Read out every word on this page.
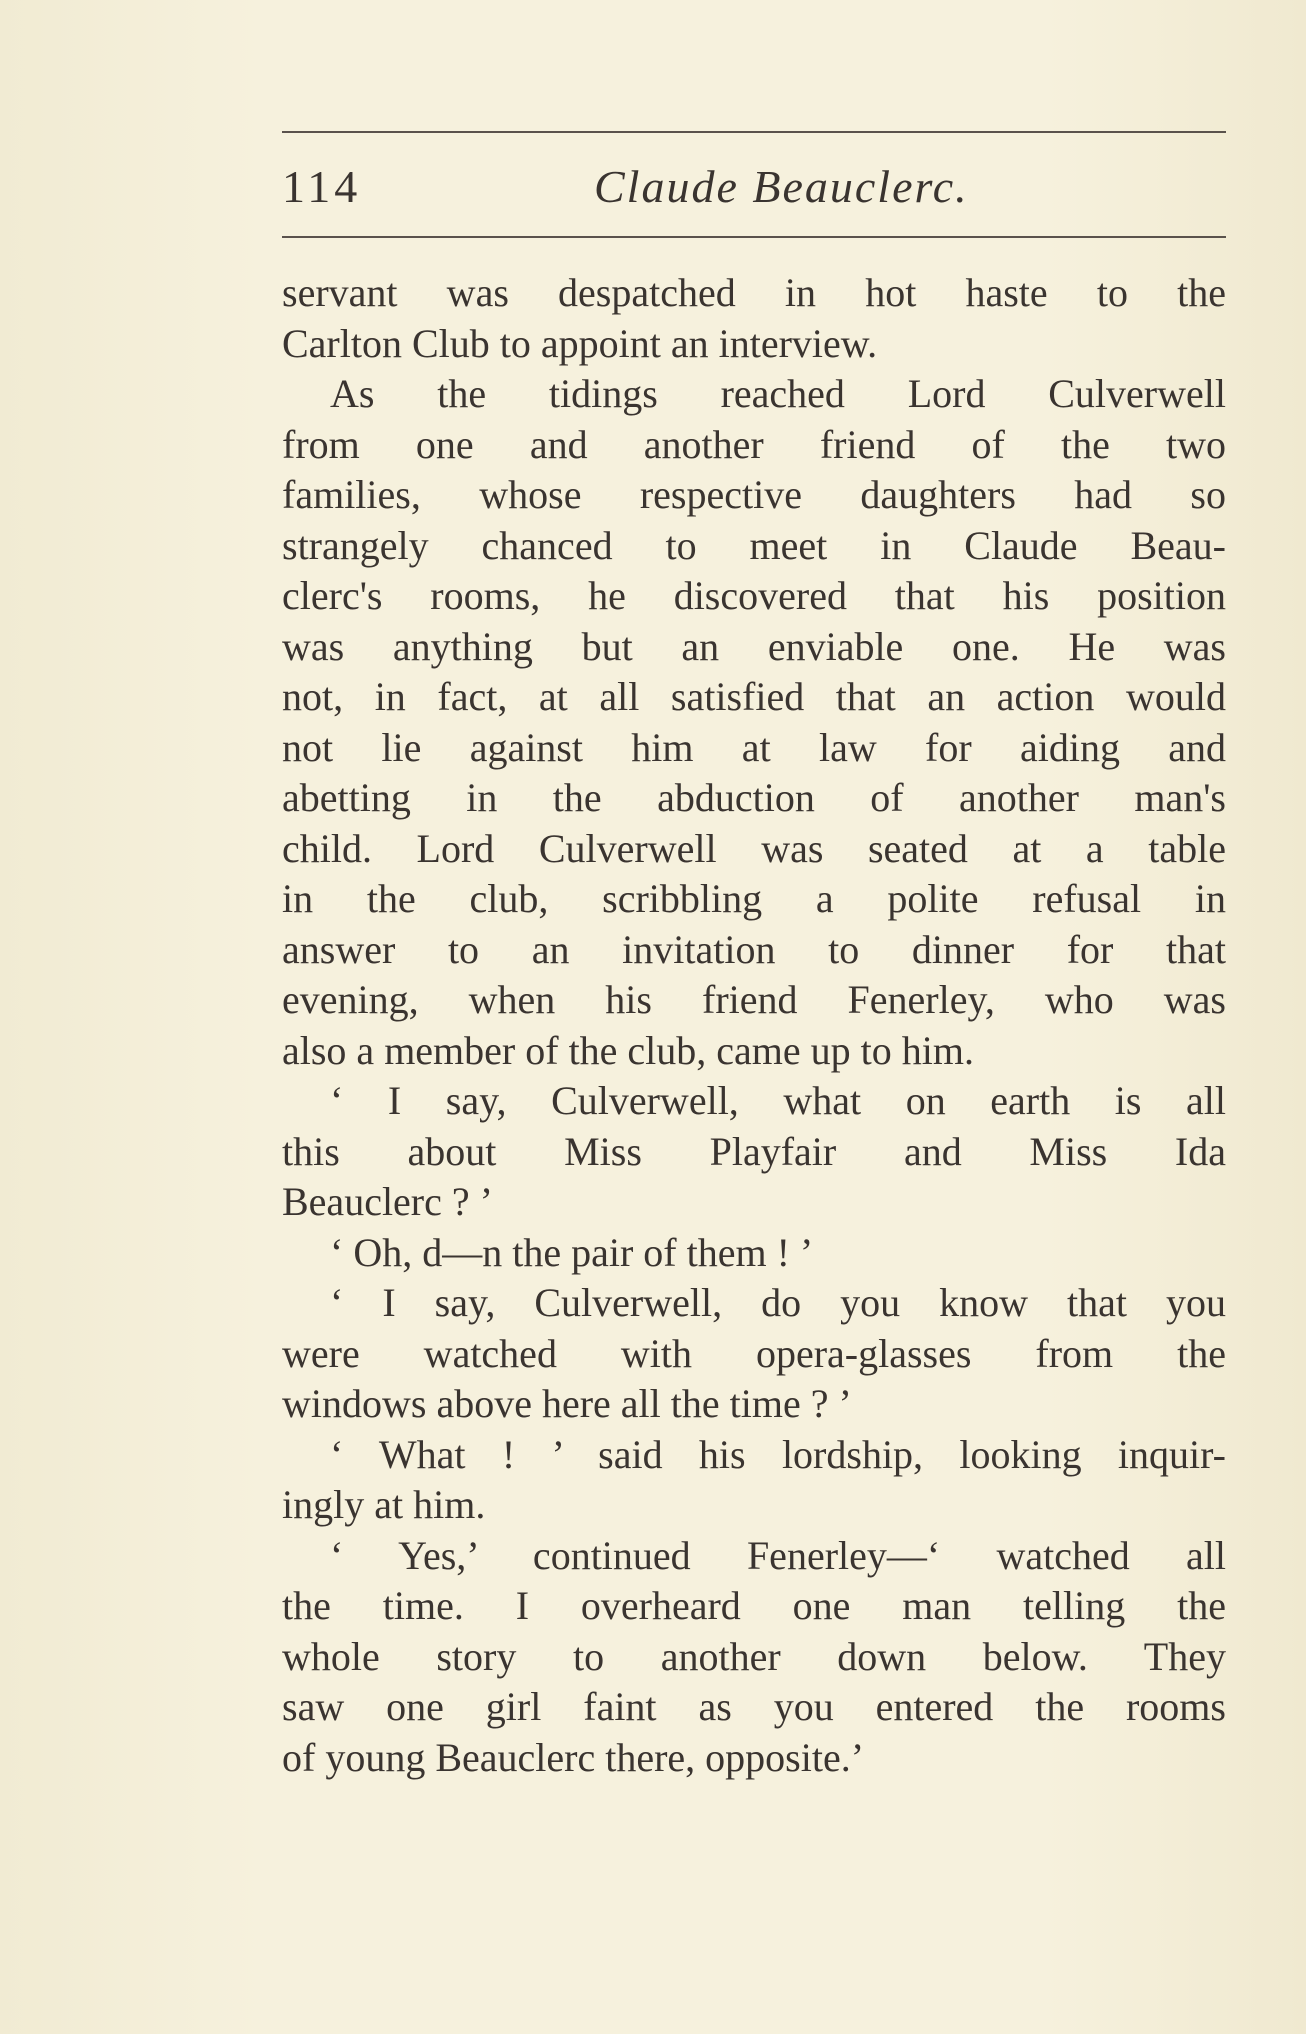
114	Claude Beauclerc.
servant was despatched in hot haste to the
Carlton Club to appoint an interview.
As the tidings reached Lord Culverwell
from one and another friend of the two
families, whose respective daughters had so
strangely chanced to meet in Claude Beau-
clerc's rooms, he discovered that his position
was anything but an enviable one. He was
not, in fact, at all satisfied that an action would
not lie against him at law for aiding and
abetting in the abduction of another man's
child. Lord Culverwell was seated at a table
in the club, scribbling a polite refusal in
answer to an invitation to dinner for that
evening, when his friend Fenerley, who was
also a member of the club, came up to him.
‘ I say, Culverwell, what on earth is all
this about Miss Playfair and Miss Ida
Beauclerc ? ’
‘ Oh, d—n the pair of them ! ’
‘ I say, Culverwell, do you know that you
were watched with opera-glasses from the
windows above here all the time ? ’
‘ What ! ’ said his lordship, looking inquir-
ingly at him.
‘ Yes,’ continued Fenerley—‘ watched all
the time. I overheard one man telling the
whole story to another down below. They
saw one girl faint as you entered the rooms
of young Beauclerc there, opposite.’
